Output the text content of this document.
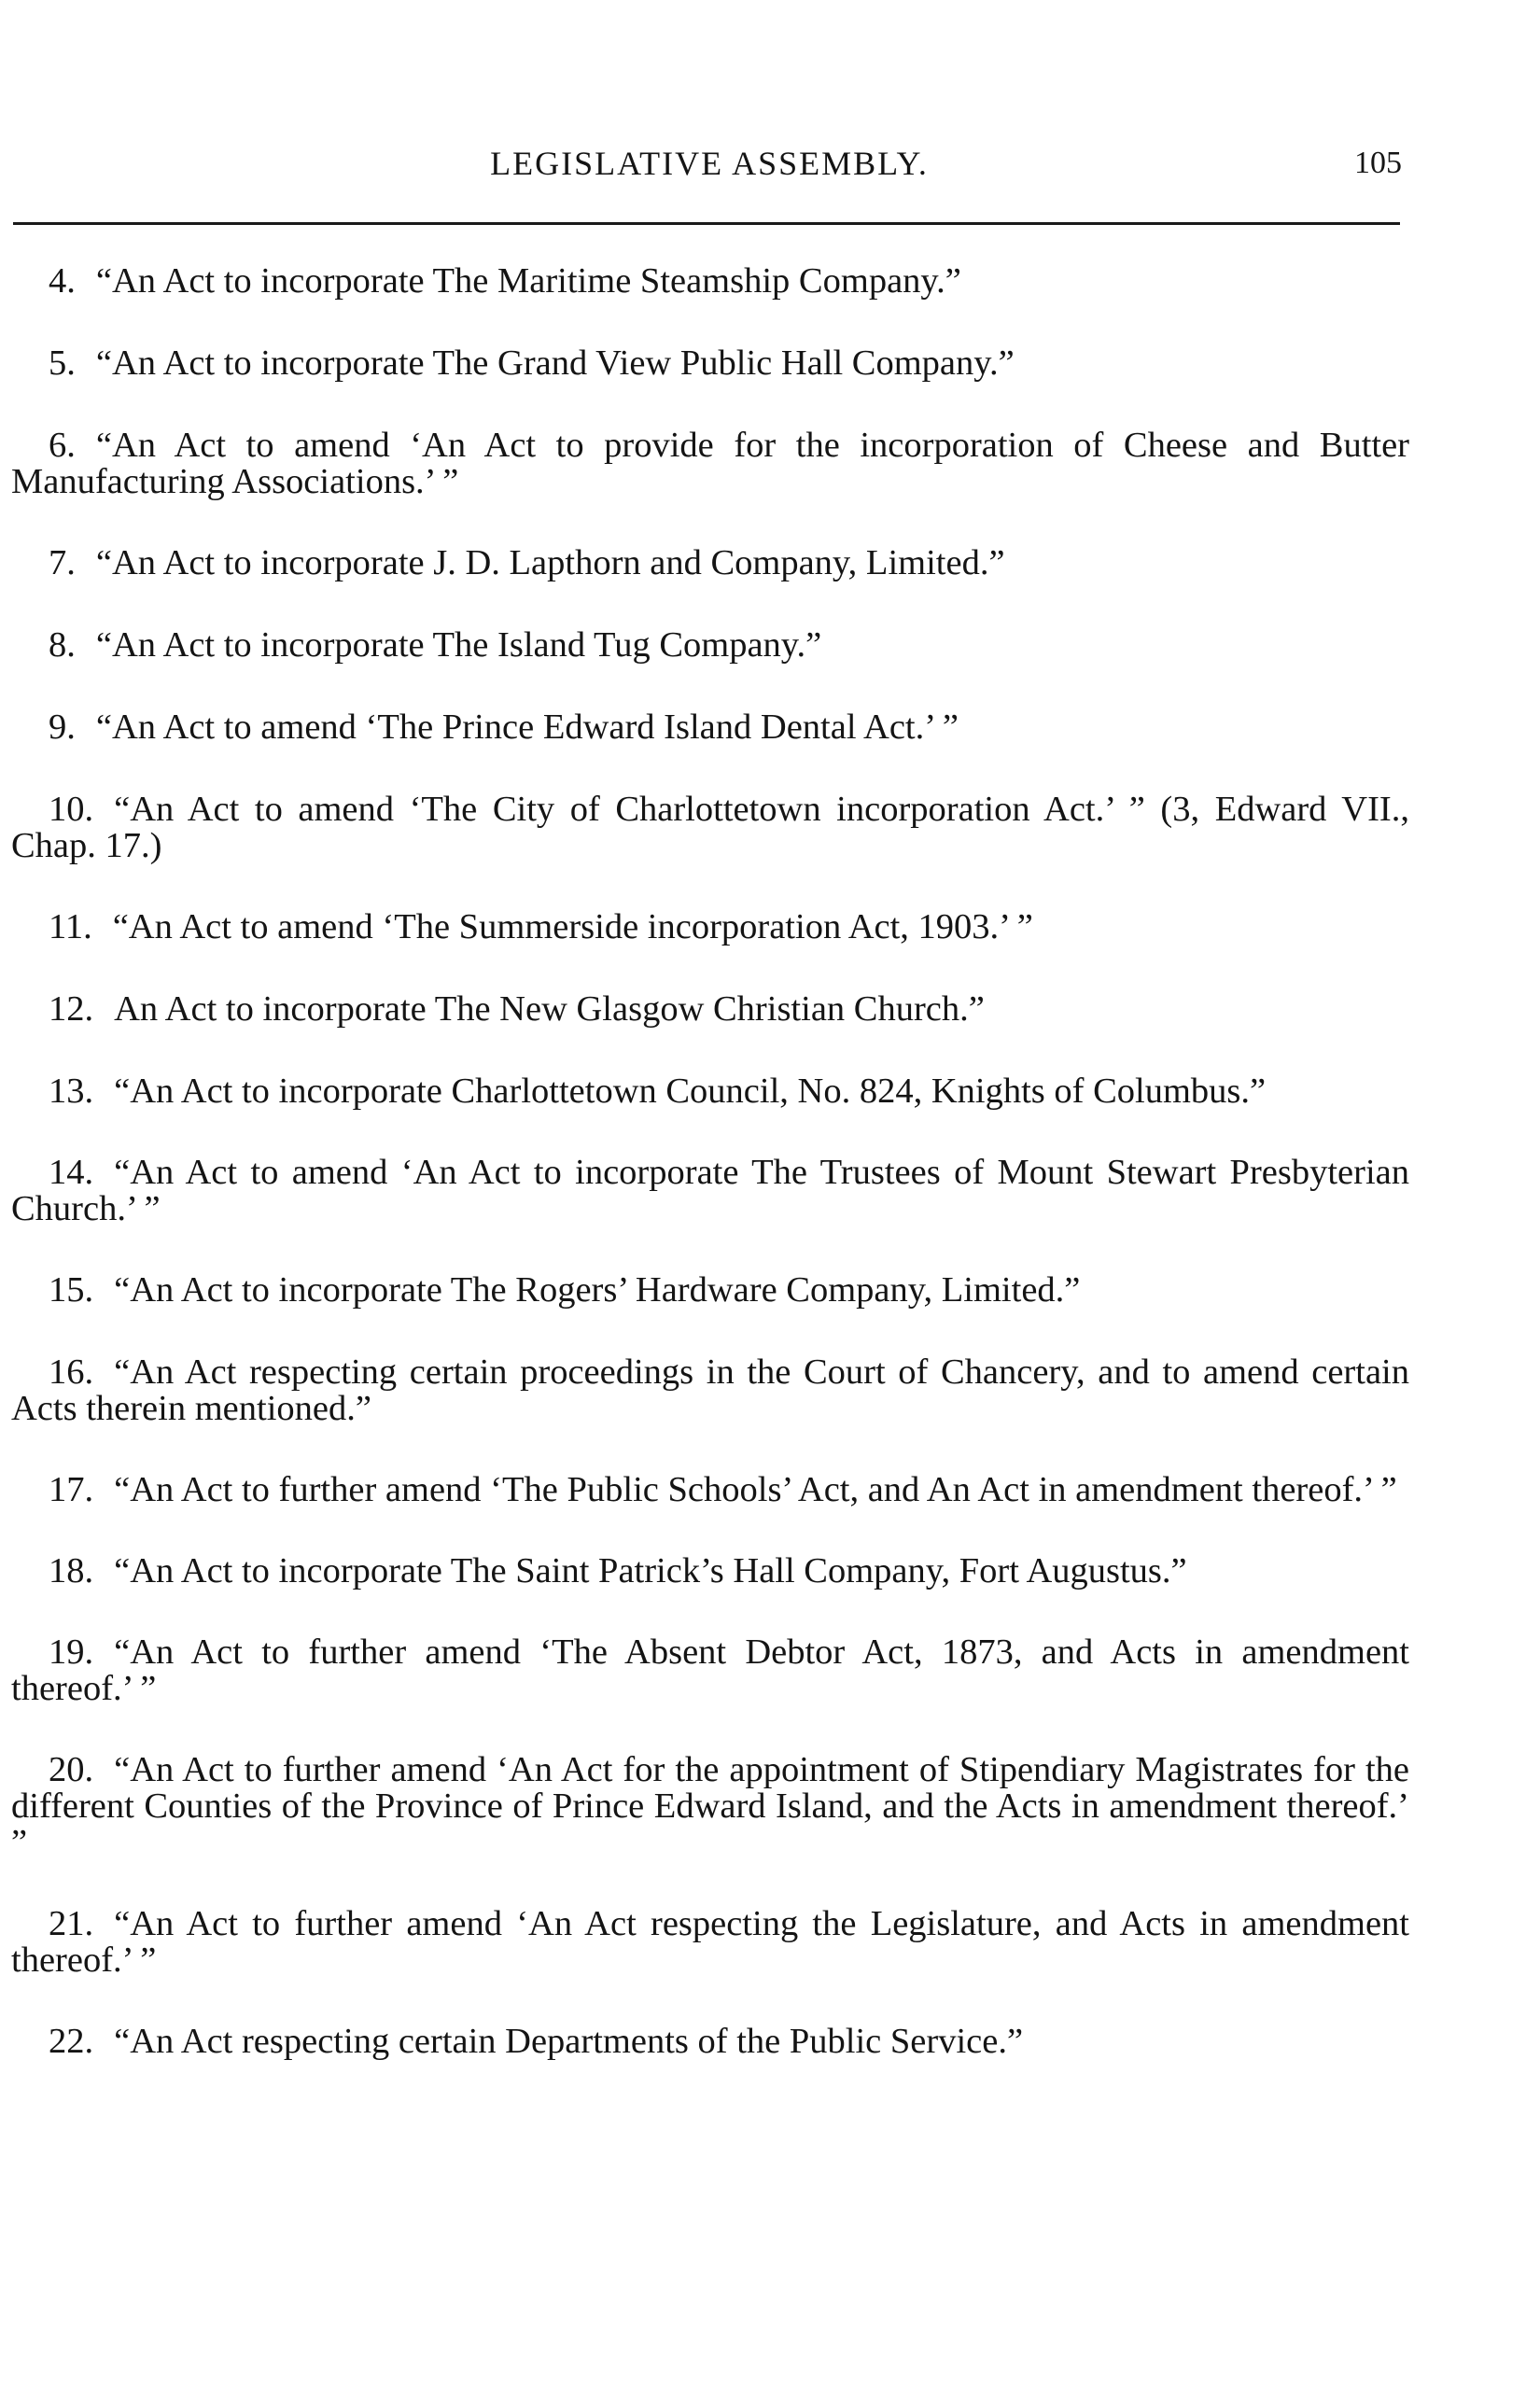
LEGISLATIVE ASSEMBLY.	105

4. “An Act to incorporate The Maritime Steamship Company.”

5. “An Act to incorporate The Grand View Public Hall Company.”

6. “An Act to amend ‘An Act to provide for the incorporation of Cheese and Butter Manufacturing Associations.’ ”

7. “An Act to incorporate J. D. Lapthorn and Company, Limited.”

8. “An Act to incorporate The Island Tug Company.”

9. “An Act to amend ‘The Prince Edward Island Dental Act.’ ”

10. “An Act to amend ‘The City of Charlottetown incorporation Act.’ ” (3, Edward VII., Chap. 17.)

11. “An Act to amend ‘The Summerside incorporation Act, 1903.’ ”

12. An Act to incorporate The New Glasgow Christian Church.”

13. “An Act to incorporate Charlottetown Council, No. 824, Knights of Columbus.”

14. “An Act to amend ‘An Act to incorporate The Trustees of Mount Stewart Presbyterian Church.’ ”

15. “An Act to incorporate The Rogers’ Hardware Company, Limited.”

16. “An Act respecting certain proceedings in the Court of Chancery, and to amend certain Acts therein mentioned.”

17. “An Act to further amend ‘The Public Schools’ Act, and An Act in amendment thereof.’ ”

18. “An Act to incorporate The Saint Patrick’s Hall Company, Fort Augustus.”

19. “An Act to further amend ‘The Absent Debtor Act, 1873, and Acts in amendment thereof.’ ”

20. “An Act to further amend ‘An Act for the appointment of Stipendiary Magistrates for the different Counties of the Province of Prince Edward Island, and the Acts in amendment thereof.’ ”

21. “An Act to further amend ‘An Act respecting the Legislature, and Acts in amendment thereof.’ ”

22. “An Act respecting certain Departments of the Public Service.”
